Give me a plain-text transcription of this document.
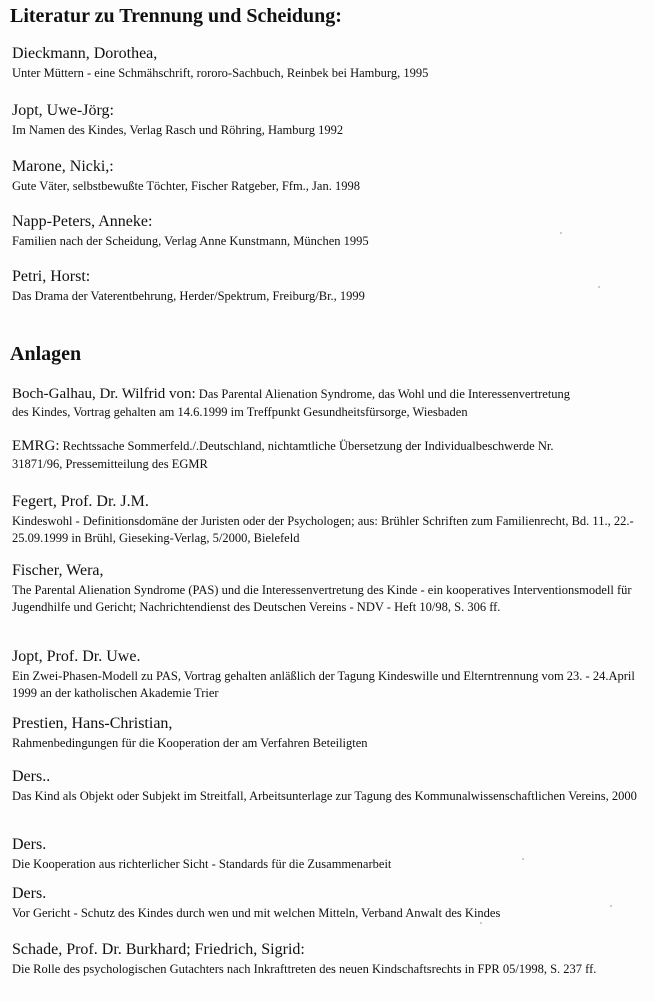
Literatur zu Trennung und Scheidung:
Dieckmann, Dorothea,
Unter Müttern - eine Schmähschrift, rororo-Sachbuch, Reinbek bei Hamburg, 1995
Jopt, Uwe-Jörg:
Im Namen des Kindes, Verlag Rasch und Röhring, Hamburg 1992
Marone, Nicki,:
Gute Väter, selbstbewußte Töchter, Fischer Ratgeber, Ffm., Jan. 1998
Napp-Peters, Anneke:
Familien nach der Scheidung, Verlag Anne Kunstmann, München 1995
Petri, Horst:
Das Drama der Vaterentbehrung, Herder/Spektrum, Freiburg/Br., 1999
Anlagen
Boch-Galhau, Dr. Wilfrid von: Das Parental Alienation Syndrome, das Wohl und die Interessenvertretung
des Kindes, Vortrag gehalten am 14.6.1999 im Treffpunkt Gesundheitsfürsorge, Wiesbaden
EMRG: Rechtssache Sommerfeld./.Deutschland, nichtamtliche Übersetzung der Individualbeschwerde Nr.
31871/96, Pressemitteilung des EGMR
Fegert, Prof. Dr. J.M.
Kindeswohl - Definitionsdomäne der Juristen oder der Psychologen; aus: Brühler Schriften zum Familienrecht, Bd. 11., 22.- 25.09.1999 in Brühl, Gieseking-Verlag, 5/2000, Bielefeld
Fischer, Wera,
The Parental Alienation Syndrome (PAS) und die Interessenvertretung des Kinde - ein kooperatives Interventionsmodell für Jugendhilfe und Gericht; Nachrichtendienst des Deutschen Vereins - NDV - Heft 10/98, S. 306 ff.
Jopt, Prof. Dr. Uwe.
Ein Zwei-Phasen-Modell zu PAS, Vortrag gehalten anläßlich der Tagung Kindeswille und Elterntrennung vom 23. - 24.April 1999 an der katholischen Akademie Trier
Prestien, Hans-Christian,
Rahmenbedingungen für die Kooperation der am Verfahren Beteiligten
Ders..
Das Kind als Objekt oder Subjekt im Streitfall, Arbeitsunterlage zur Tagung des Kommunalwissenschaftlichen Vereins, 2000
Ders.
Die Kooperation aus richterlicher Sicht - Standards für die Zusammenarbeit
Ders.
Vor Gericht - Schutz des Kindes durch wen und mit welchen Mitteln, Verband Anwalt des Kindes
Schade, Prof. Dr. Burkhard; Friedrich, Sigrid:
Die Rolle des psychologischen Gutachters nach Inkrafttreten des neuen Kindschaftsrechts in FPR 05/1998, S. 237 ff.
